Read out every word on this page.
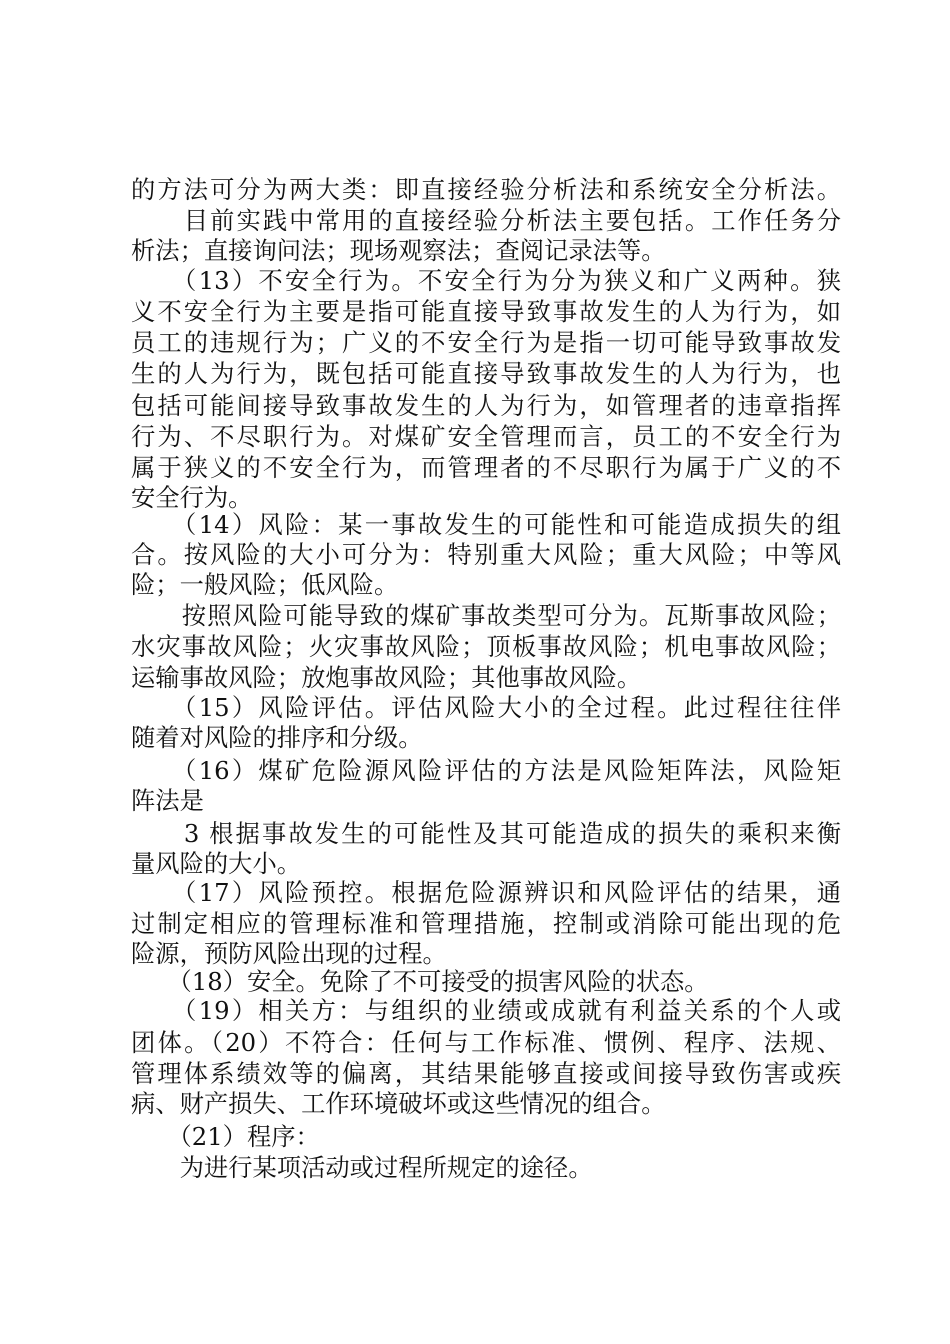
的方法可分为两大类：即直接经验分析法和系统安全分析法。
　　目前实践中常用的直接经验分析法主要包括。工作任务分
析法；直接询问法；现场观察法；查阅记录法等。
　　（13）不安全行为。不安全行为分为狭义和广义两种。狭
义不安全行为主要是指可能直接导致事故发生的人为行为，如
员工的违规行为；广义的不安全行为是指一切可能导致事故发
生的人为行为，既包括可能直接导致事故发生的人为行为，也
包括可能间接导致事故发生的人为行为，如管理者的违章指挥
行为、不尽职行为。对煤矿安全管理而言，员工的不安全行为
属于狭义的不安全行为，而管理者的不尽职行为属于广义的不
安全行为。
　　（14）风险：某一事故发生的可能性和可能造成损失的组
合。按风险的大小可分为：特别重大风险；重大风险；中等风
险；一般风险；低风险。
　　按照风险可能导致的煤矿事故类型可分为。瓦斯事故风险；
水灾事故风险；火灾事故风险；顶板事故风险；机电事故风险；
运输事故风险；放炮事故风险；其他事故风险。
　　（15）风险评估。评估风险大小的全过程。此过程往往伴
随着对风险的排序和分级。
　　（16）煤矿危险源风险评估的方法是风险矩阵法，风险矩
阵法是
　　3 根据事故发生的可能性及其可能造成的损失的乘积来衡
量风险的大小。
　　（17）风险预控。根据危险源辨识和风险评估的结果，通
过制定相应的管理标准和管理措施，控制或消除可能出现的危
险源，预防风险出现的过程。
　　（18）安全。免除了不可接受的损害风险的状态。
　　（19）相关方：与组织的业绩或成就有利益关系的个人或
团体。（20）不符合：任何与工作标准、惯例、程序、法规、
管理体系绩效等的偏离，其结果能够直接或间接导致伤害或疾
病、财产损失、工作环境破坏或这些情况的组合。
　　（21）程序：
　　为进行某项活动或过程所规定的途径。
